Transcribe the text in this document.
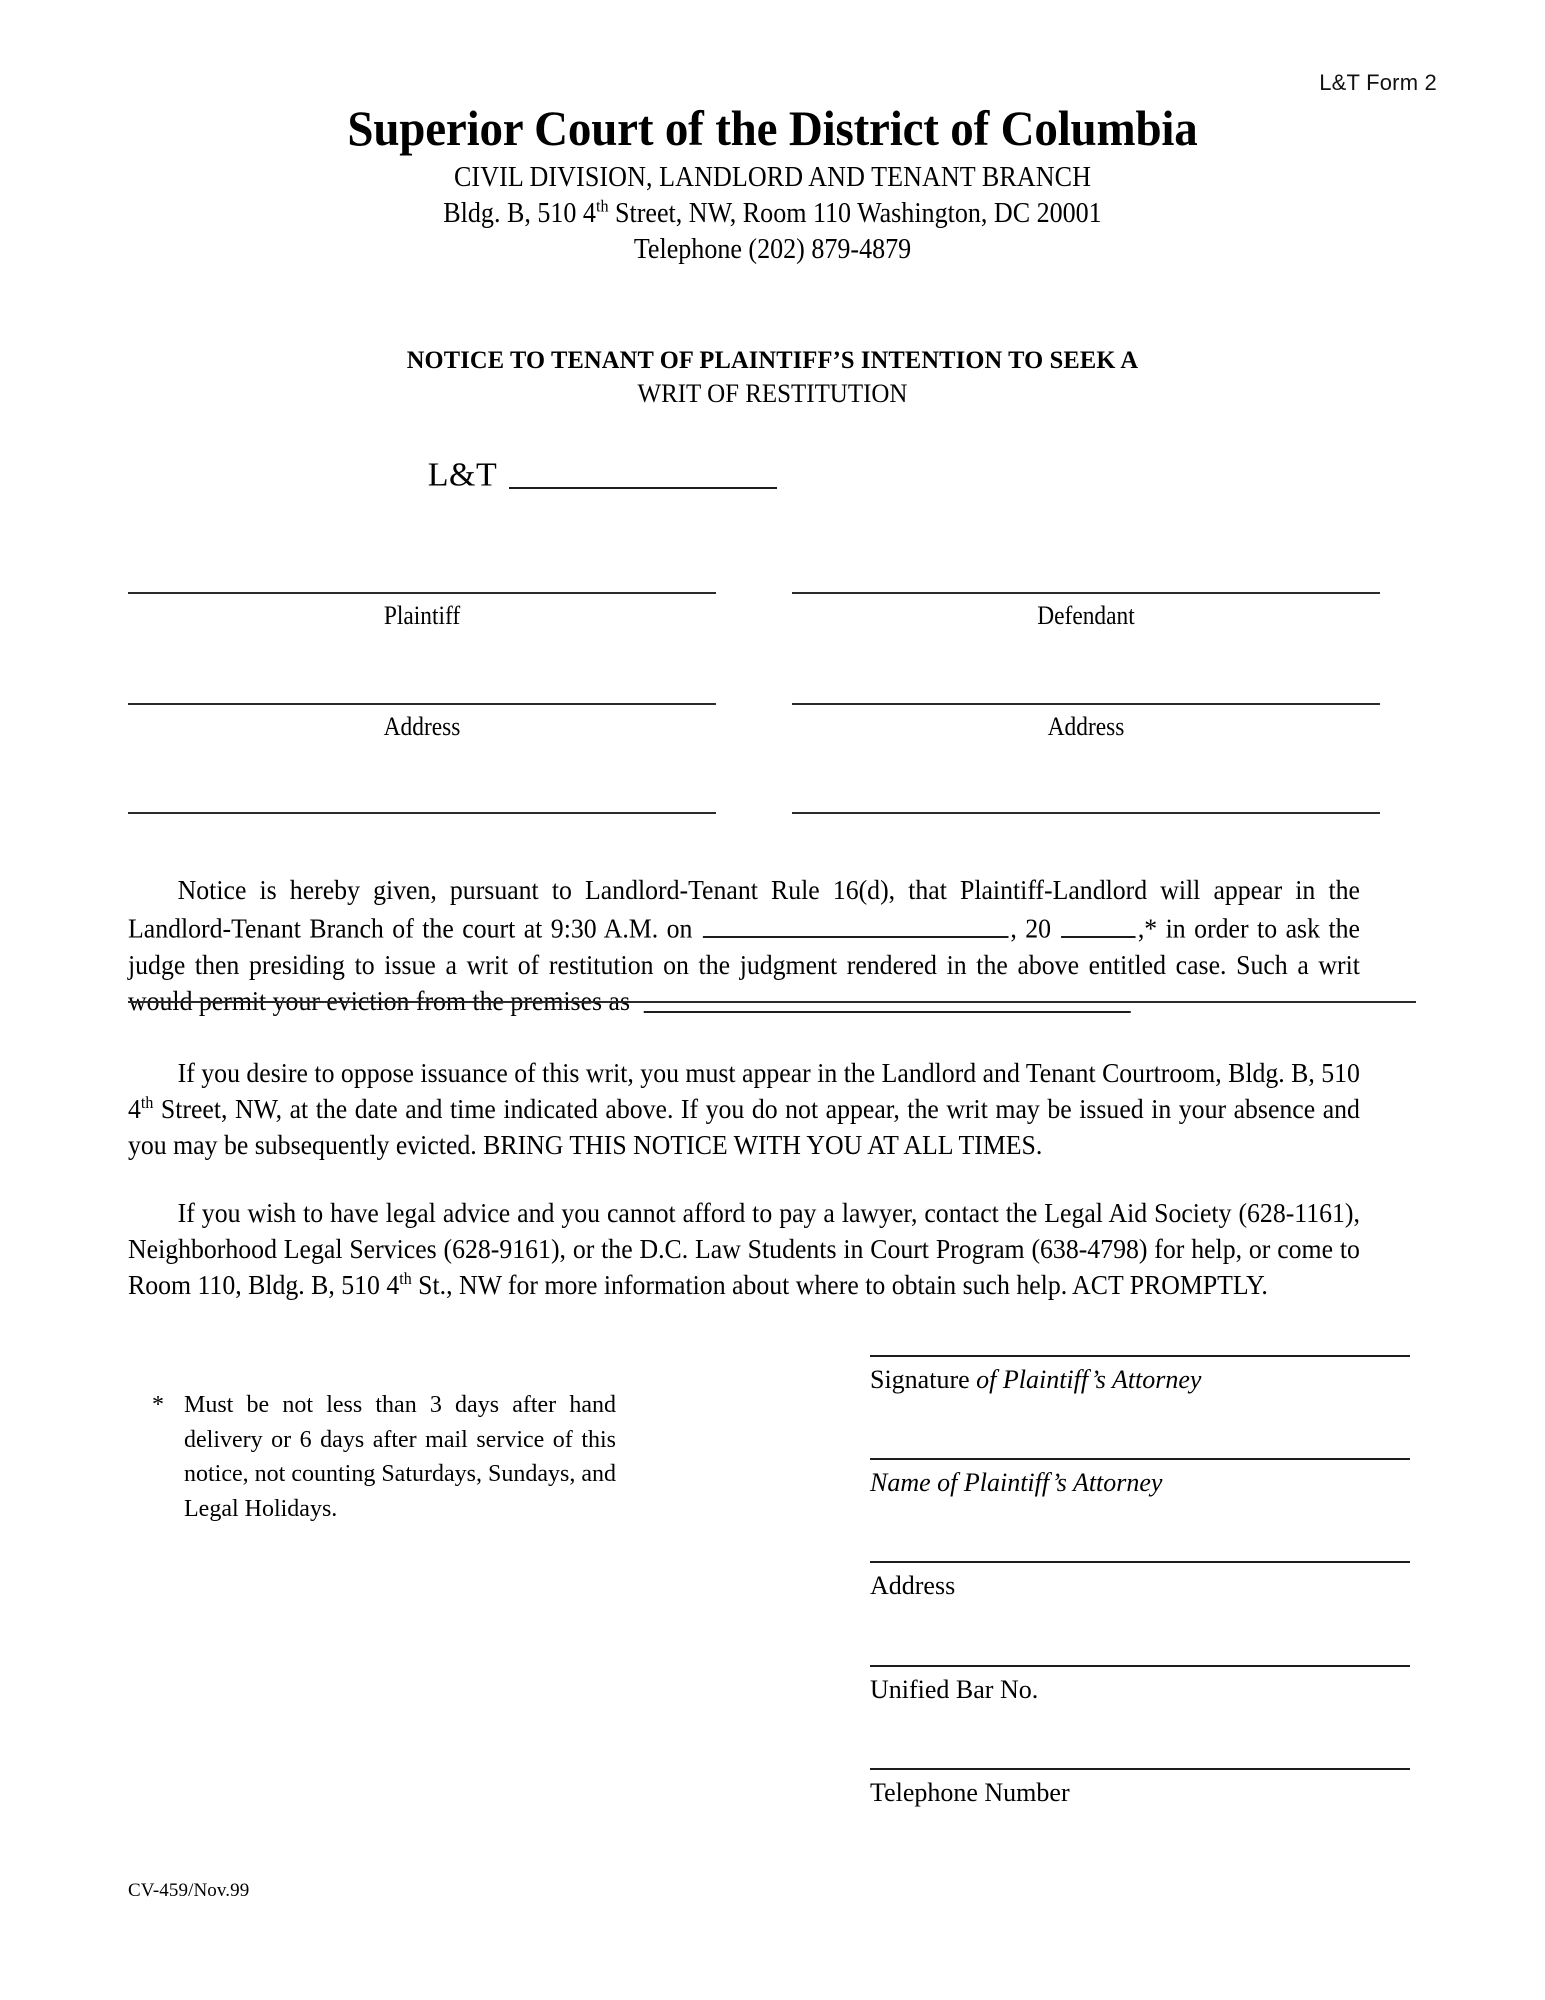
L&T Form 2
Superior Court of the District of Columbia
CIVIL DIVISION, LANDLORD AND TENANT BRANCH
Bldg. B, 510 4th Street, NW, Room 110 Washington, DC 20001
Telephone (202) 879-4879
NOTICE TO TENANT OF PLAINTIFF’S INTENTION TO SEEK A
WRIT OF RESTITUTION
L&T
Plaintiff	Defendant
Address	Address

Notice is hereby given, pursuant to Landlord-Tenant Rule 16(d), that Plaintiff-Landlord will appear in the Landlord-Tenant Branch of the court at 9:30 A.M. on	, 20	,* in order to ask the judge then presiding to issue a writ of restitution on the judgment rendered in the above entitled case. Such a writ would permit your eviction from the premises as

If you desire to oppose issuance of this writ, you must appear in the Landlord and Tenant Courtroom, Bldg. B, 510 4th Street, NW, at the date and time indicated above. If you do not appear, the writ may be issued in your absence and you may be subsequently evicted. BRING THIS NOTICE WITH YOU AT ALL TIMES.

If you wish to have legal advice and you cannot afford to pay a lawyer, contact the Legal Aid Society (628-1161), Neighborhood Legal Services (628-9161), or the D.C. Law Students in Court Program (638-4798) for help, or come to Room 110, Bldg. B, 510 4th St., NW for more information about where to obtain such help. ACT PROMPTLY.

* Must be not less than 3 days after hand delivery or 6 days after mail service of this notice, not counting Saturdays, Sundays, and Legal Holidays.
Signature of Plaintiff’s Attorney
Name of Plaintiff’s Attorney
Address
Unified Bar No.
Telephone Number
CV-459/Nov.99
